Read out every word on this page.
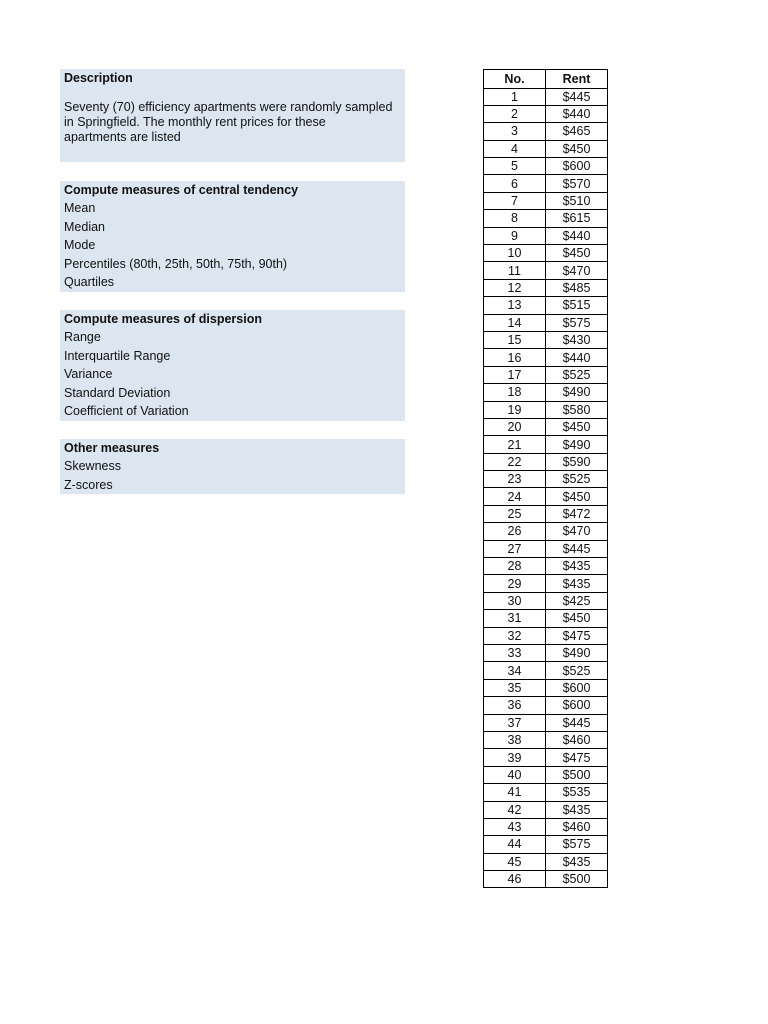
Description
Seventy (70) efficiency apartments were randomly sampled
in Springfield. The monthly rent prices for these
apartments are listed
Compute measures of central tendency
Mean
Median
Mode
Percentiles (80th, 25th, 50th, 75th, 90th)
Quartiles
Compute measures of dispersion
Range
Interquartile Range
Variance
Standard Deviation
Coefficient of Variation
Other measures
Skewness
Z-scores
No.	Rent
1	$445
2	$440
3	$465
4	$450
5	$600
6	$570
7	$510
8	$615
9	$440
10	$450
11	$470
12	$485
13	$515
14	$575
15	$430
16	$440
17	$525
18	$490
19	$580
20	$450
21	$490
22	$590
23	$525
24	$450
25	$472
26	$470
27	$445
28	$435
29	$435
30	$425
31	$450
32	$475
33	$490
34	$525
35	$600
36	$600
37	$445
38	$460
39	$475
40	$500
41	$535
42	$435
43	$460
44	$575
45	$435
46	$500
